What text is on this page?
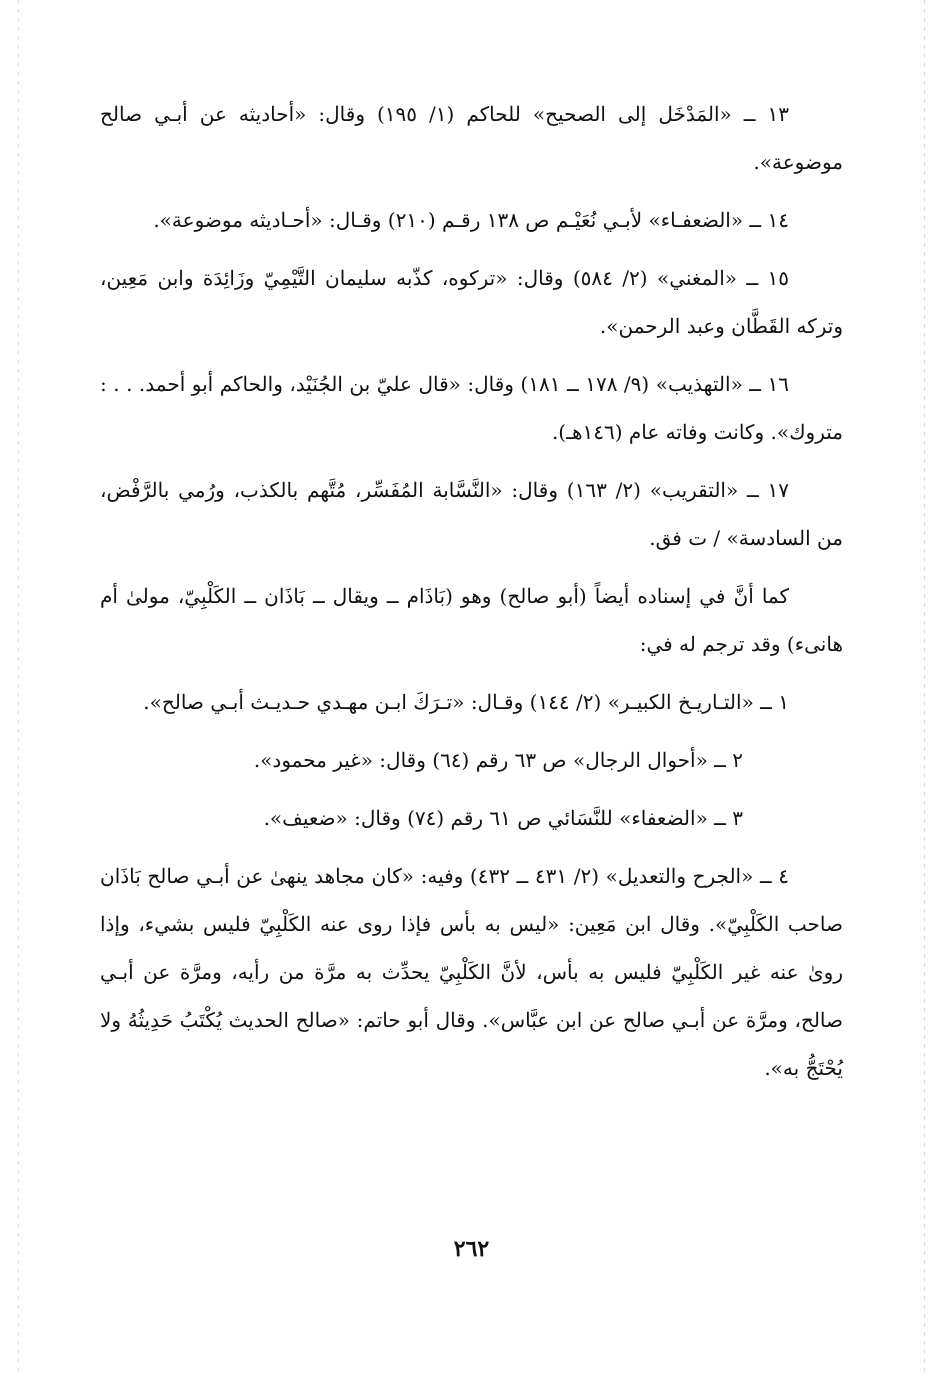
١٣ ــ «المَدْخَل إلى الصحيح» للحاكم (١/ ١٩٥) وقال: «أحاديثه عن أبـي صالح موضوعة».

١٤ ــ «الضعفـاء» لأبـي نُعَيْـم ص ١٣٨ رقـم (٢١٠) وقـال: «أحـاديثه موضوعة».

١٥ ــ «المغني» (٢/ ٥٨٤) وقال: «تركوه، كذّبه سليمان التَّيْمِيّ وزَائِدَة وابن مَعِين، وتركه القَطَّان وعبد الرحمن».

١٦ ــ «التهذيب» (٩/ ١٧٨ ــ ١٨١) وقال: «قال عليّ بن الجُنَيْد، والحاكم أبو أحمد. . . : متروك». وكانت وفاته عام (١٤٦هـ).

١٧ ــ «التقريب» (٢/ ١٦٣) وقال: «النَّسَّابة المُفَسِّر، مُتَّهم بالكذب، ورُمي بالرَّفْض، من السادسة» / ت فق.

كما أنَّ في إسناده أيضاً (أبو صالح) وهو (بَاذَام ــ ويقال ــ بَاذَان ــ الكَلْبِيّ، مولىٰ أم هانىء) وقد ترجم له في:

١ ــ «التـاريـخ الكبيـر» (٢/ ١٤٤) وقـال: «تـرَكَ ابـن مهـدي حـديـث أبـي صالح».

٢ ــ «أحوال الرجال» ص ٦٣ رقم (٦٤) وقال: «غير محمود».

٣ ــ «الضعفاء» للنَّسَائي ص ٦١ رقم (٧٤) وقال: «ضعيف».

٤ ــ «الجرح والتعديل» (٢/ ٤٣١ ــ ٤٣٢) وفيه: «كان مجاهد ينهىٰ عن أبـي صالح بَاذَان صاحب الكَلْبِيّ». وقال ابن مَعِين: «ليس به بأس فإذا روى عنه الكَلْبِيّ فليس بشيء، وإذا روىٰ عنه غير الكَلْبِيّ فليس به بأس، لأنَّ الكَلْبِيّ يحدِّث به مرَّة من رأيه، ومرَّة عن أبـي صالح، ومرَّة عن أبـي صالح عن ابن عبَّاس». وقال أبو حاتم: «صالح الحديث يُكْتَبُ حَدِيثُهُ ولا يُحْتَجُّ به».

٢٦٢
